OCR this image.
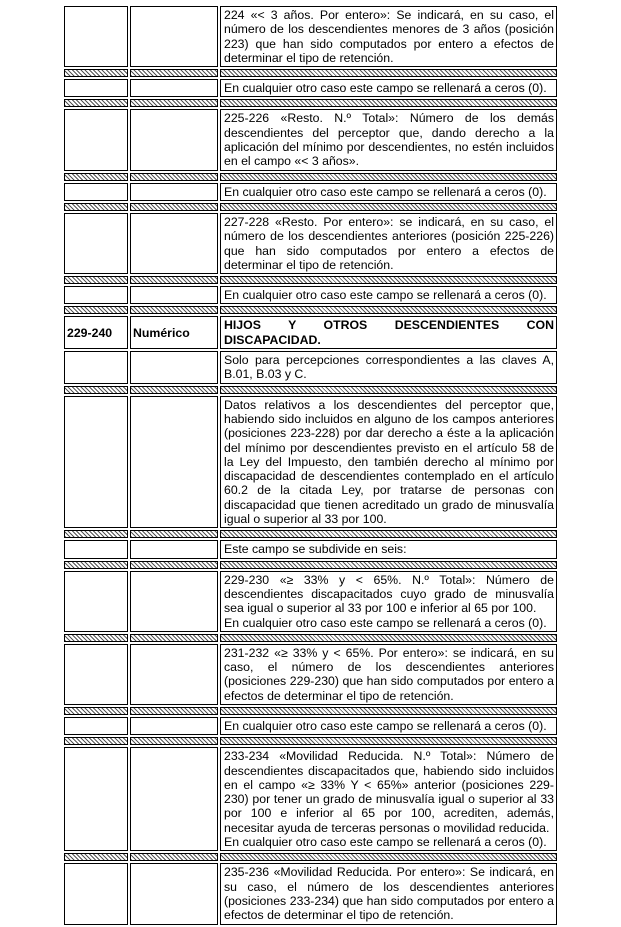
		224 «< 3 años. Por entero»: Se indicará, en su caso, el número de los descendientes menores de 3 años (posición 223) que han sido computados por entero a efectos de determinar el tipo de retención.

		En cualquier otro caso este campo se rellenará a ceros (0).

		225-226 «Resto. N.º Total»: Número de los demás descendientes del perceptor que, dando derecho a la aplicación del mínimo por descendientes, no estén incluidos en el campo «< 3 años».

		En cualquier otro caso este campo se rellenará a ceros (0).

		227-228 «Resto. Por entero»: se indicará, en su caso, el número de los descendientes anteriores (posición 225-226) que han sido computados por entero a efectos de determinar el tipo de retención.

		En cualquier otro caso este campo se rellenará a ceros (0).

229-240	Numérico	HIJOS Y OTROS DESCENDIENTES CON DISCAPACIDAD.

		Solo para percepciones correspondientes a las claves A, B.01, B.03 y C.

		Datos relativos a los descendientes del perceptor que, habiendo sido incluidos en alguno de los campos anteriores (posiciones 223-228) por dar derecho a éste a la aplicación del mínimo por descendientes previsto en el artículo 58 de la Ley del Impuesto, den también derecho al mínimo por discapacidad de descendientes contemplado en el artículo 60.2 de la citada Ley, por tratarse de personas con discapacidad que tienen acreditado un grado de minusvalía igual o superior al 33 por 100.

		Este campo se subdivide en seis:

		229-230 «≥ 33% y < 65%. N.º Total»: Número de descendientes discapacitados cuyo grado de minusvalía sea igual o superior al 33 por 100 e inferior al 65 por 100.
En cualquier otro caso este campo se rellenará a ceros (0).

		231-232 «≥ 33% y < 65%. Por entero»: se indicará, en su caso, el número de los descendientes anteriores (posiciones 229-230) que han sido computados por entero a efectos de determinar el tipo de retención.

		En cualquier otro caso este campo se rellenará a ceros (0).

		233-234 «Movilidad Reducida. N.º Total»: Número de descendientes discapacitados que, habiendo sido incluidos en el campo «≥ 33% Y < 65%» anterior (posiciones 229-230) por tener un grado de minusvalía igual o superior al 33 por 100 e inferior al 65 por 100, acrediten, además, necesitar ayuda de terceras personas o movilidad reducida.
En cualquier otro caso este campo se rellenará a ceros (0).

		235-236 «Movilidad Reducida. Por entero»: Se indicará, en su caso, el número de los descendientes anteriores (posiciones 233-234) que han sido computados por entero a efectos de determinar el tipo de retención.
